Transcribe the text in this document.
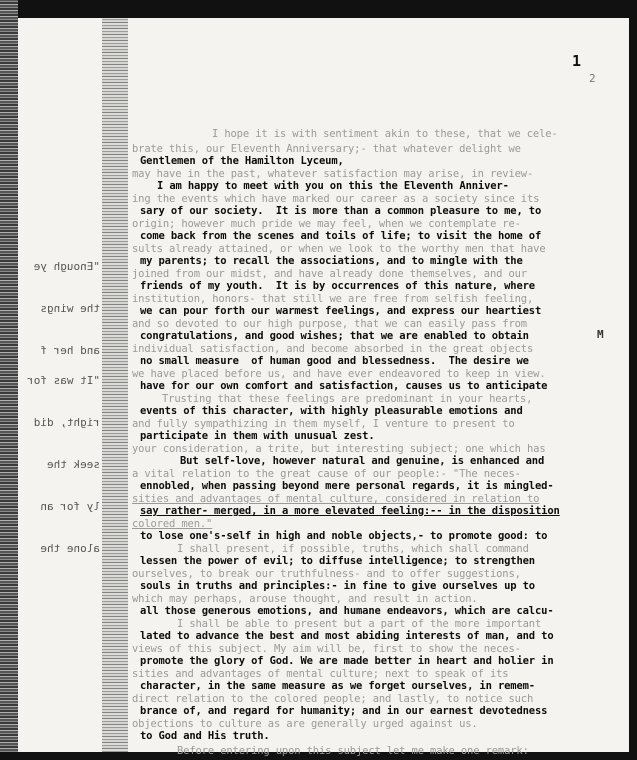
1
2
M

"Enough ye

the wings

and her f

"It was for

right, did

seek the

ly for an

alone the

I hope it is with sentiment akin to these, that we cele-
brate this, our Eleventh Anniversary;- that whatever delight we
Gentlemen of the Hamilton Lyceum,
may have in the past, whatever satisfaction may arise, in review-
I am happy to meet with you on this the Eleventh Anniver-
ing the events which have marked our career as a society since its
sary of our society.  It is more than a common pleasure to me, to
origin; however much pride we may feel, when we contemplate re-
come back from the scenes and toils of life; to visit the home of
sults already attained, or when we look to the worthy men that have
my parents; to recall the associations, and to mingle with the
joined from our midst, and have already done themselves, and our
friends of my youth.  It is by occurrences of this nature, where
institution, honors- that still we are free from selfish feeling,
we can pour forth our warmest feelings, and express our heartiest
and so devoted to our high purpose, that we can easily pass from
congratulations, and good wishes; that we are enabled to obtain
individual satisfaction, and become absorbed in the great objects
no small measure  of human good and blessedness.  The desire we
we have placed before us, and have ever endeavored to keep in view.
have for our own comfort and satisfaction, causes us to anticipate
Trusting that these feelings are predominant in your hearts,
events of this character, with highly pleasurable emotions and
and fully sympathizing in them myself, I venture to present to
participate in them with unusual zest.
your consideration, a trite, but interesting subject; one which has
But self-love, however natural and genuine, is enhanced and
a vital relation to the great cause of our people:- "The neces-
ennobled, when passing beyond mere personal regards, it is mingled-
sities and advantages of mental culture, considered in relation to
say rather- merged, in a more elevated feeling:-- in the disposition
colored men."
to lose one's-self in high and noble objects,- to promote good: to
I shall present, if possible, truths, which shall command
lessen the power of evil; to diffuse intelligence; to strengthen
ourselves, to break our truthfulness- and to offer suggestions,
souls in truths and principles:- in fine to give ourselves up to
which may perhaps, arouse thought, and result in action.
all those generous emotions, and humane endeavors, which are calcu-
I shall be able to present but a part of the more important
lated to advance the best and most abiding interests of man, and to
views of this subject. My aim will be, first to show the neces-
promote the glory of God. We are made better in heart and holier in
sities and advantages of mental culture; next to speak of its
character, in the same measure as we forget ourselves, in remem-
direct relation to the colored people; and lastly, to notice such
brance of, and regard for humanity; and in our earnest devotedness
objections to culture as are generally urged against us.
to God and His truth.
Before entering upon this subject let me make one remark:
